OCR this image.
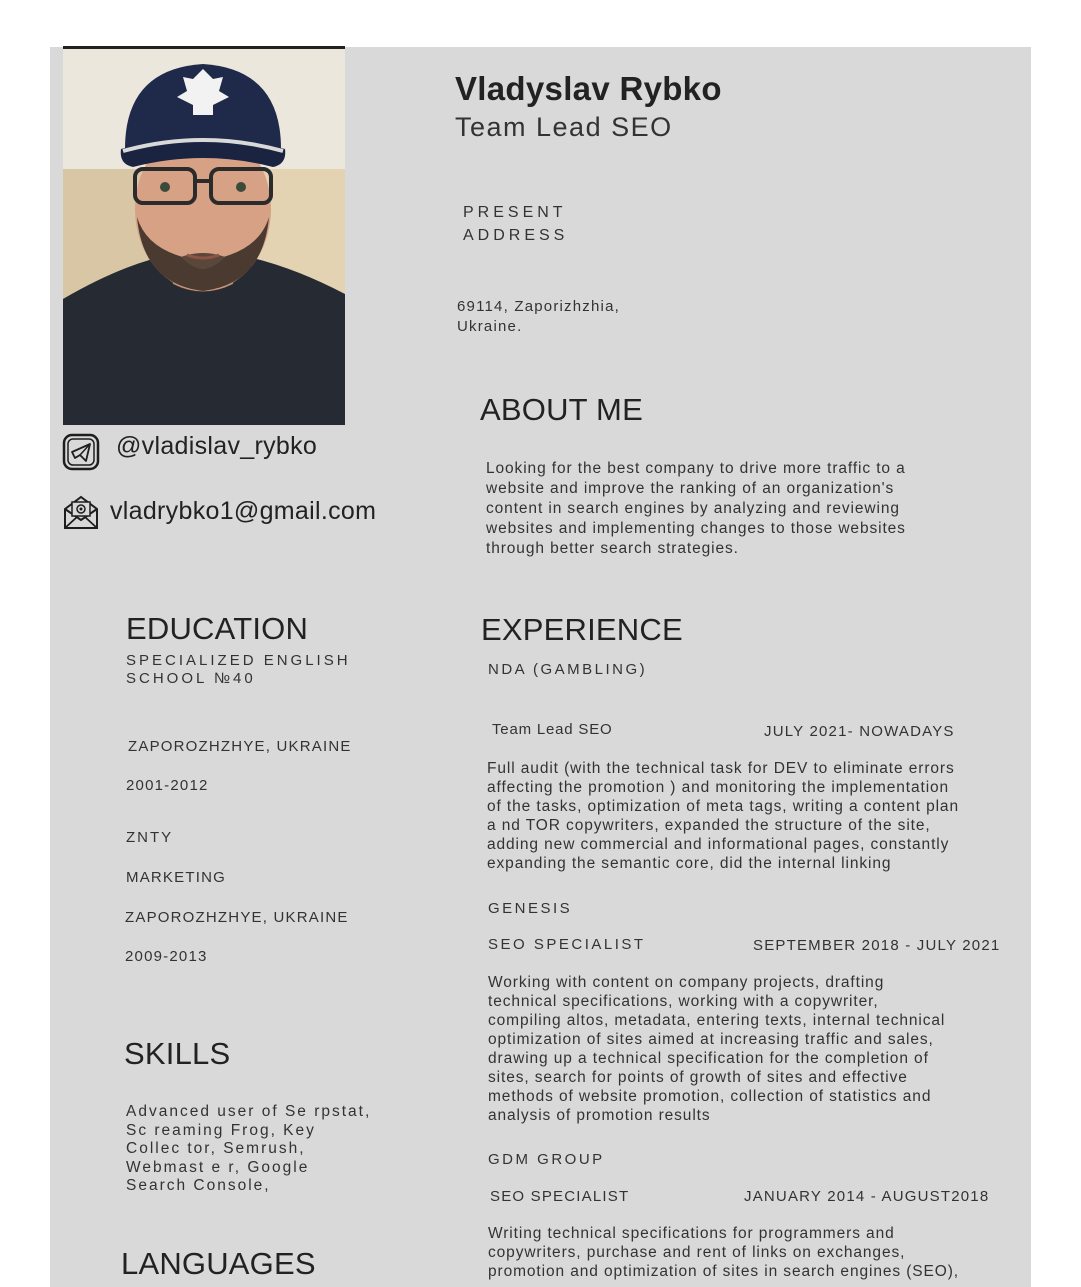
Vladyslav Rybko
Team Lead SEO
PRESENT
ADDRESS
69114, Zaporizhzhia,
Ukraine.
@vladislav_rybko
vladrybko1@gmail.com
ABOUT ME
Looking for the best company to drive more traffic to a
website and improve the ranking of an organization's
content in search engines by analyzing and reviewing
websites and implementing changes to those websites
through better search strategies.
EDUCATION
SPECIALIZED ENGLISH
SCHOOL №40
ZAPOROZHZHYE, UKRAINE
2001-2012
ZNTY
MARKETING
ZAPOROZHZHYE, UKRAINE
2009-2013
SKILLS
Advanced user of Se rpstat,
Sc reaming Frog, Key
Collec tor, Semrush,
Webmast e r, Google
Search Console,
LANGUAGES
EXPERIENCE
NDA (GAMBLING)
Team Lead SEO	JULY 2021- NOWADAYS
Full audit (with the technical task for DEV to eliminate errors
affecting the promotion ) and monitoring the implementation
of the tasks, optimization of meta tags, writing a content plan
a nd TOR copywriters, expanded the structure of the site,
adding new commercial and informational pages, constantly
expanding the semantic core, did the internal linking
GENESIS
SEO SPECIALIST	SEPTEMBER 2018 - JULY 2021
Working with content on company projects, drafting
technical specifications, working with a copywriter,
compiling altos, metadata, entering texts, internal technical
optimization of sites aimed at increasing traffic and sales,
drawing up a technical specification for the completion of
sites, search for points of growth of sites and effective
methods of website promotion, collection of statistics and
analysis of promotion results
GDM GROUP
SEO SPECIALIST	JANUARY 2014 - AUGUST2018
Writing technical specifications for programmers and
copywriters, purchase and rent of links on exchanges,
promotion and optimization of sites in search engines (SEO),
